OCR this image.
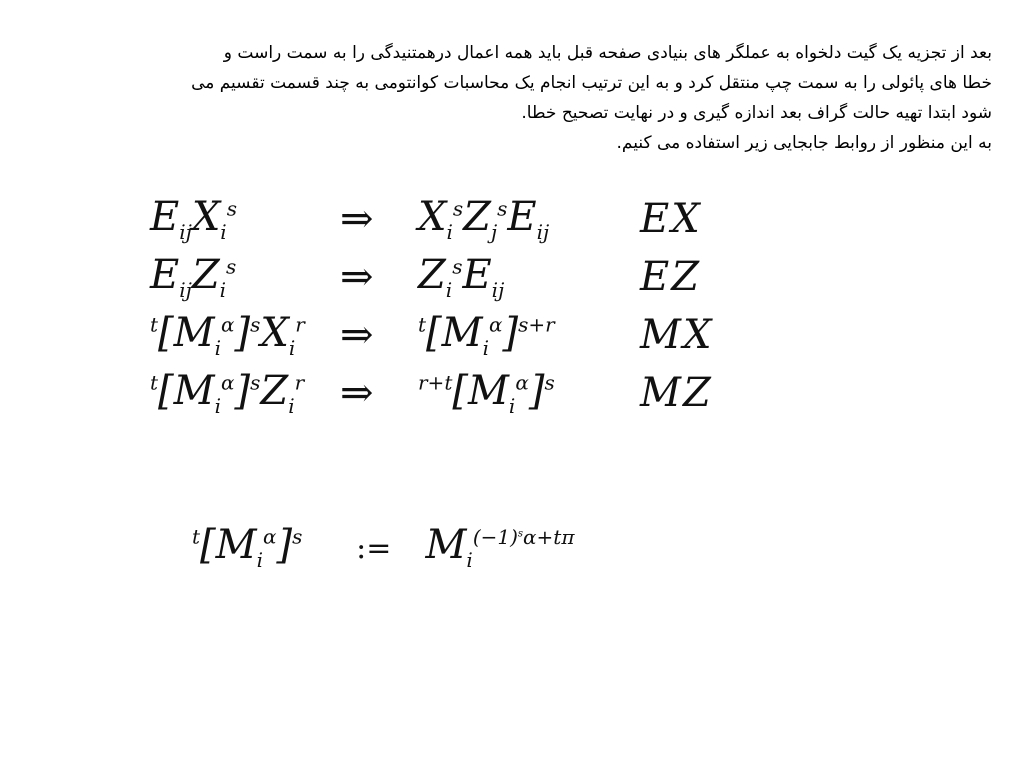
بعد از تجزیه یک گیت دلخواه به عملگر های بنیادی صفحه قبل باید همه اعمال درهمتنیدگی را به سمت راست و
خطا های پائولی را به سمت چپ منتقل کرد و به این ترتیب انجام یک محاسبات کوانتومی به چند قسمت تقسیم می
شود ابتدا تهیه حالت گراف بعد اندازه گیری و در نهایت تصحیح خطا.
به این منظور از روابط جابجایی زیر استفاده می کنیم.
$E_{ij}X_i^s$	⇒	$X_i^sZ_j^sE_{ij}$	EX
$E_{ij}Z_i^s$	⇒	$Z_i^sE_{ij}$	EZ
$^t[M_i^\alpha]^sX_i^r$	⇒	$^t[M_i^\alpha]^{s+r}$	MX
$^t[M_i^\alpha]^sZ_i^r$	⇒	$^{r+t}[M_i^\alpha]^s$	MZ
$^t[M_i^\alpha]^s$ := $M_i^{(-1)^s\alpha+t\pi}$
